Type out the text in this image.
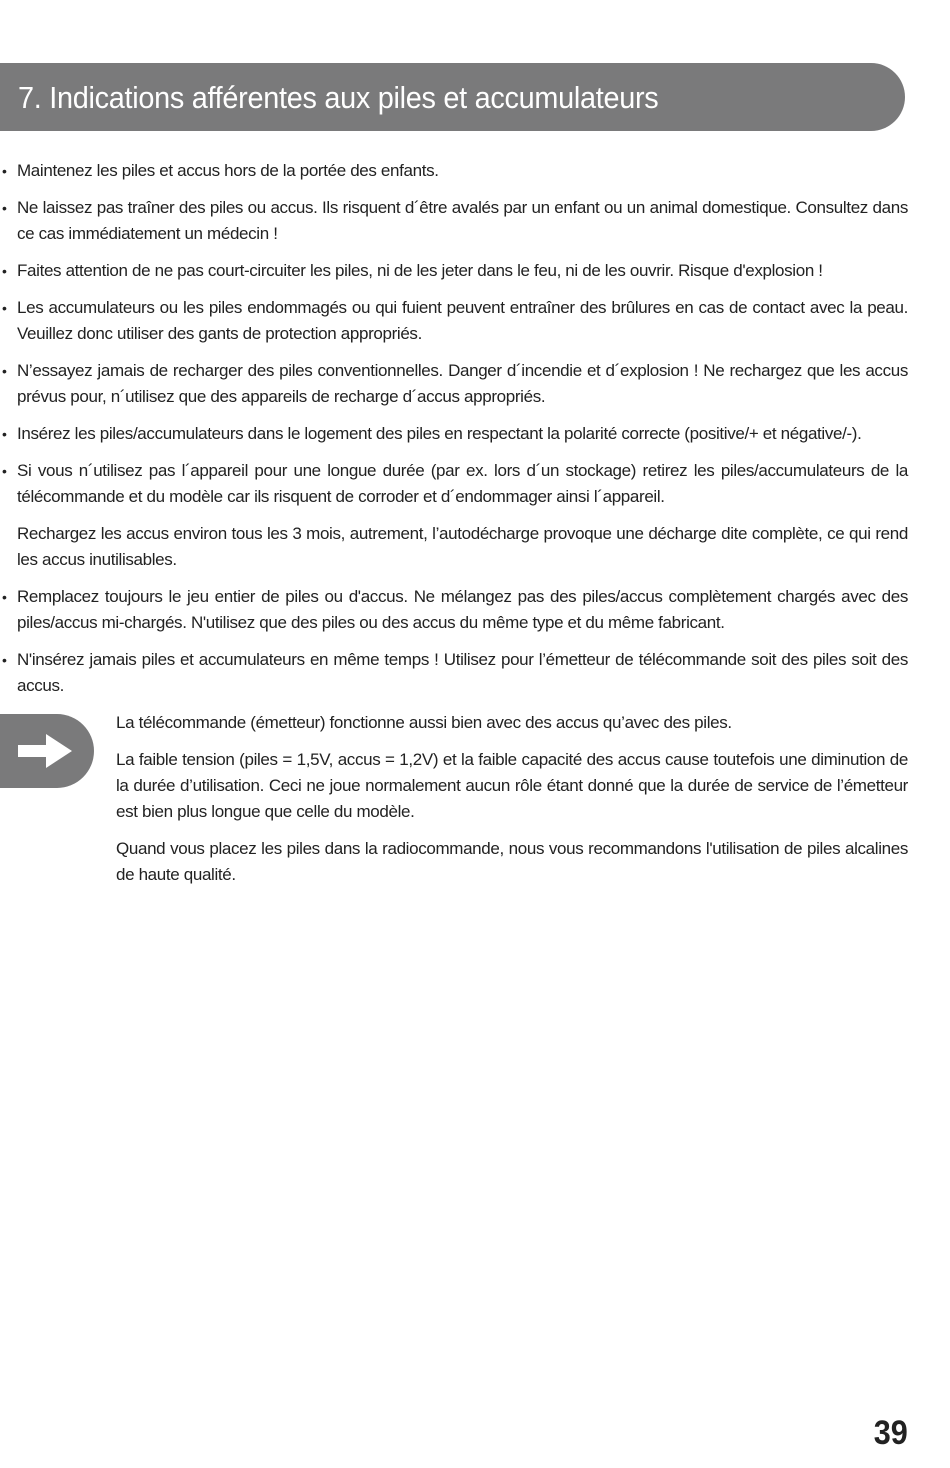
7. Indications afférentes aux piles et accumulateurs
• Maintenez les piles et accus hors de la portée des enfants.
• Ne laissez pas traîner des piles ou accus. Ils risquent d´être avalés par un enfant ou un animal domestique. Consultez dans ce cas immédiatement un médecin !
• Faites attention de ne pas court-circuiter les piles, ni de les jeter dans le feu, ni de les ouvrir. Risque d'explosion !
• Les accumulateurs ou les piles endommagés ou qui fuient peuvent entraîner des brûlures en cas de contact avec la peau. Veuillez donc utiliser des gants de protection appropriés.
• N’essayez jamais de recharger des piles conventionnelles. Danger d´incendie et d´explosion ! Ne rechargez que les accus prévus pour, n´utilisez que des appareils de recharge d´accus appropriés.
• Insérez les piles/accumulateurs dans le logement des piles en respectant la polarité correcte (positive/+ et négative/-).
• Si vous n´utilisez pas l´appareil pour une longue durée (par ex. lors d´un stockage) retirez les piles/accumulateurs de la télécommande et du modèle car ils risquent de corroder et d´endommager ainsi l´appareil.

Rechargez les accus environ tous les 3 mois, autrement, l’autodécharge provoque une décharge dite complète, ce qui rend les accus inutilisables.

• Remplacez toujours le jeu entier de piles ou d'accus. Ne mélangez pas des piles/accus complètement chargés avec des piles/accus mi-chargés. N'utilisez que des piles ou des accus du même type et du même fabricant.
• N'insérez jamais piles et accumulateurs en même temps ! Utilisez pour l’émetteur de télécommande soit des piles soit des accus.

La télécommande (émetteur) fonctionne aussi bien avec des accus qu’avec des piles.

La faible tension (piles = 1,5V, accus = 1,2V) et la faible capacité des accus cause toutefois une diminution de la durée d’utilisation. Ceci ne joue normalement aucun rôle étant donné que la durée de service de l’émetteur est bien plus longue que celle du modèle.

Quand vous placez les piles dans la radiocommande, nous vous recommandons l'utilisation de piles alcalines de haute qualité.

39
